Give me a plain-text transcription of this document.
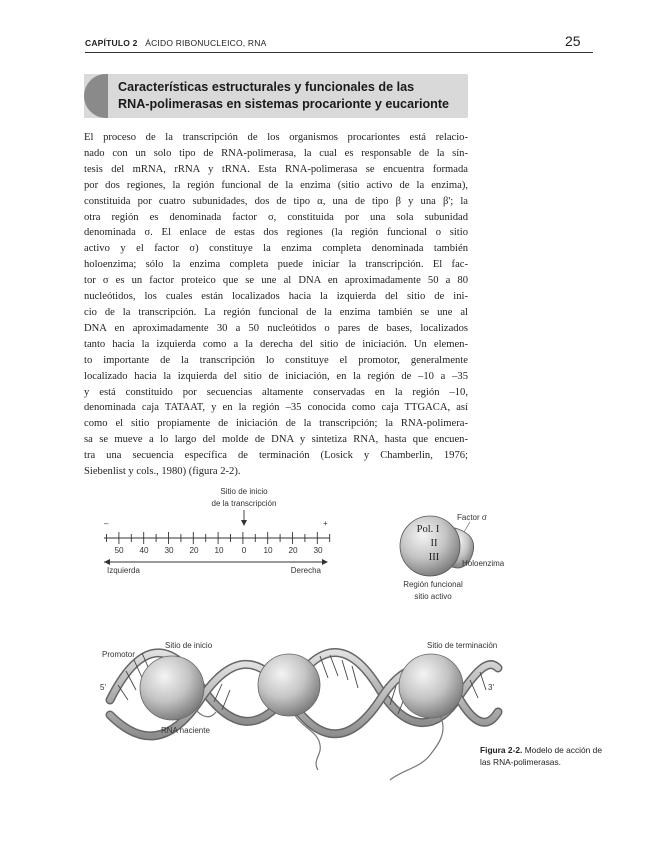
CAPÍTULO 2 ÁCIDO RIBONUCLEICO, RNA	25
Características estructurales y funcionales de las
RNA-polimerasas en sistemas procarionte y eucarionte
El proceso de la transcripción de los organismos procariontes está relacio-
nado con un solo tipo de RNA-polimerasa, la cual es responsable de la sín-
tesis del mRNA, rRNA y tRNA. Esta RNA-polimerasa se encuentra formada
por dos regiones, la región funcional de la enzima (sitio activo de la enzima),
constituida por cuatro subunidades, dos de tipo α, una de tipo β y una β'; la
otra región es denominada factor σ, constituida por una sola subunidad
denominada σ. El enlace de estas dos regiones (la región funcional o sitio
activo y el factor σ) constituye la enzima completa denominada también
holoenzima; sólo la enzima completa puede iniciar la transcripción. El fac-
tor σ es un factor proteico que se une al DNA en aproximadamente 50 a 80
nucleótidos, los cuales están localizados hacia la izquierda del sitio de ini-
cio de la transcripción. La región funcional de la enzima también se une al
DNA en aproximadamente 30 a 50 nucleótidos o pares de bases, localizados
tanto hacia la izquierda como a la derecha del sitio de iniciación. Un elemen-
to importante de la transcripción lo constituye el promotor, generalmente
localizado hacia la izquierda del sitio de iniciación, en la región de –10 a –35
y está constituido por secuencias altamente conservadas en la región –10,
denominada caja TATAAT, y en la región –35 conocida como caja TTGACA, así
como el sitio propiamente de iniciación de la transcripción; la RNA-polimera-
sa se mueve a lo largo del molde de DNA y sintetiza RNA, hasta que encuen-
tra una secuencia específica de terminación (Losick y Chamberlin, 1976;
Siebenlist y cols., 1980) (figura 2-2).
Sitio de inicio
de la transcripción
–	+
50 40 30 20 10 0 10 20 30
Izquierda	Derecha
Pol. I
II
III
Factor σ
Holoenzima
Región funcional
sitio activo
Promotor
Sitio de inicio	Sitio de terminación
5'	3'
RNA naciente
Figura 2-2. Modelo de acción de las RNA-polimerasas.
